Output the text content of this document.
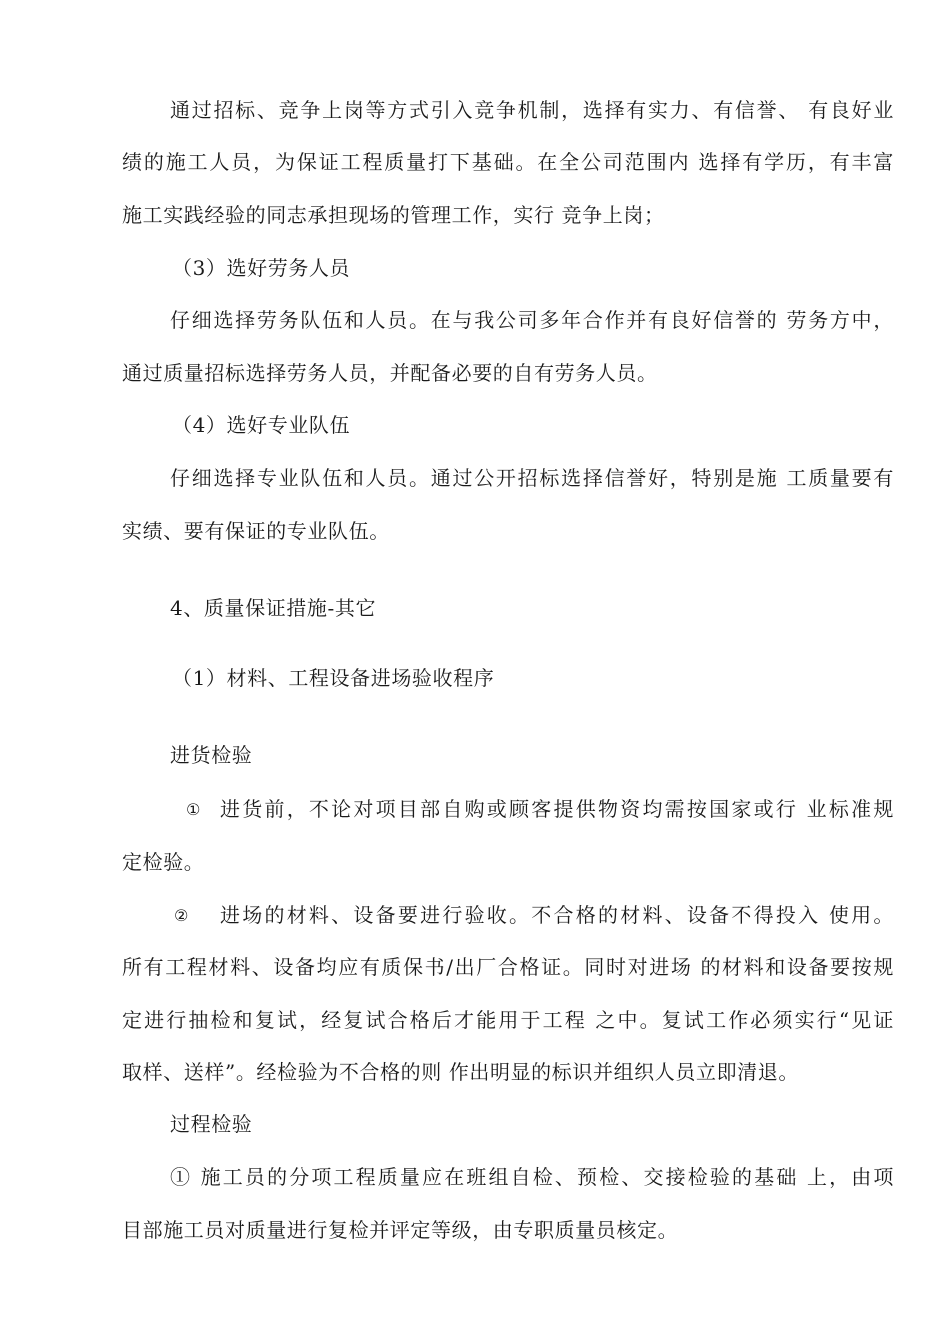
通过招标、竞争上岗等方式引入竞争机制，选择有实力、有信誉、 有良好业
绩的施工人员，为保证工程质量打下基础。在全公司范围内 选择有学历，有丰富
施工实践经验的同志承担现场的管理工作，实行 竞争上岗；
（3）选好劳务人员
仔细选择劳务队伍和人员。在与我公司多年合作并有良好信誉的 劳务方中，
通过质量招标选择劳务人员，并配备必要的自有劳务人员。
（4）选好专业队伍
仔细选择专业队伍和人员。通过公开招标选择信誉好，特别是施 工质量要有
实绩、要有保证的专业队伍。
4、质量保证措施-其它
（1）材料、工程设备进场验收程序
进货检验
① 进货前，不论对项目部自购或顾客提供物资均需按国家或行 业标准规
定检验。
② 进场的材料、设备要进行验收。不合格的材料、设备不得投入 使用。
所有工程材料、设备均应有质保书/出厂合格证。同时对进场 的材料和设备要按规
定进行抽检和复试，经复试合格后才能用于工程 之中。复试工作必须实行“见证
取样、送样”。经检验为不合格的则 作出明显的标识并组织人员立即清退。
过程检验
① 施工员的分项工程质量应在班组自检、预检、交接检验的基础 上，由项
目部施工员对质量进行复检并评定等级，由专职质量员核定。
